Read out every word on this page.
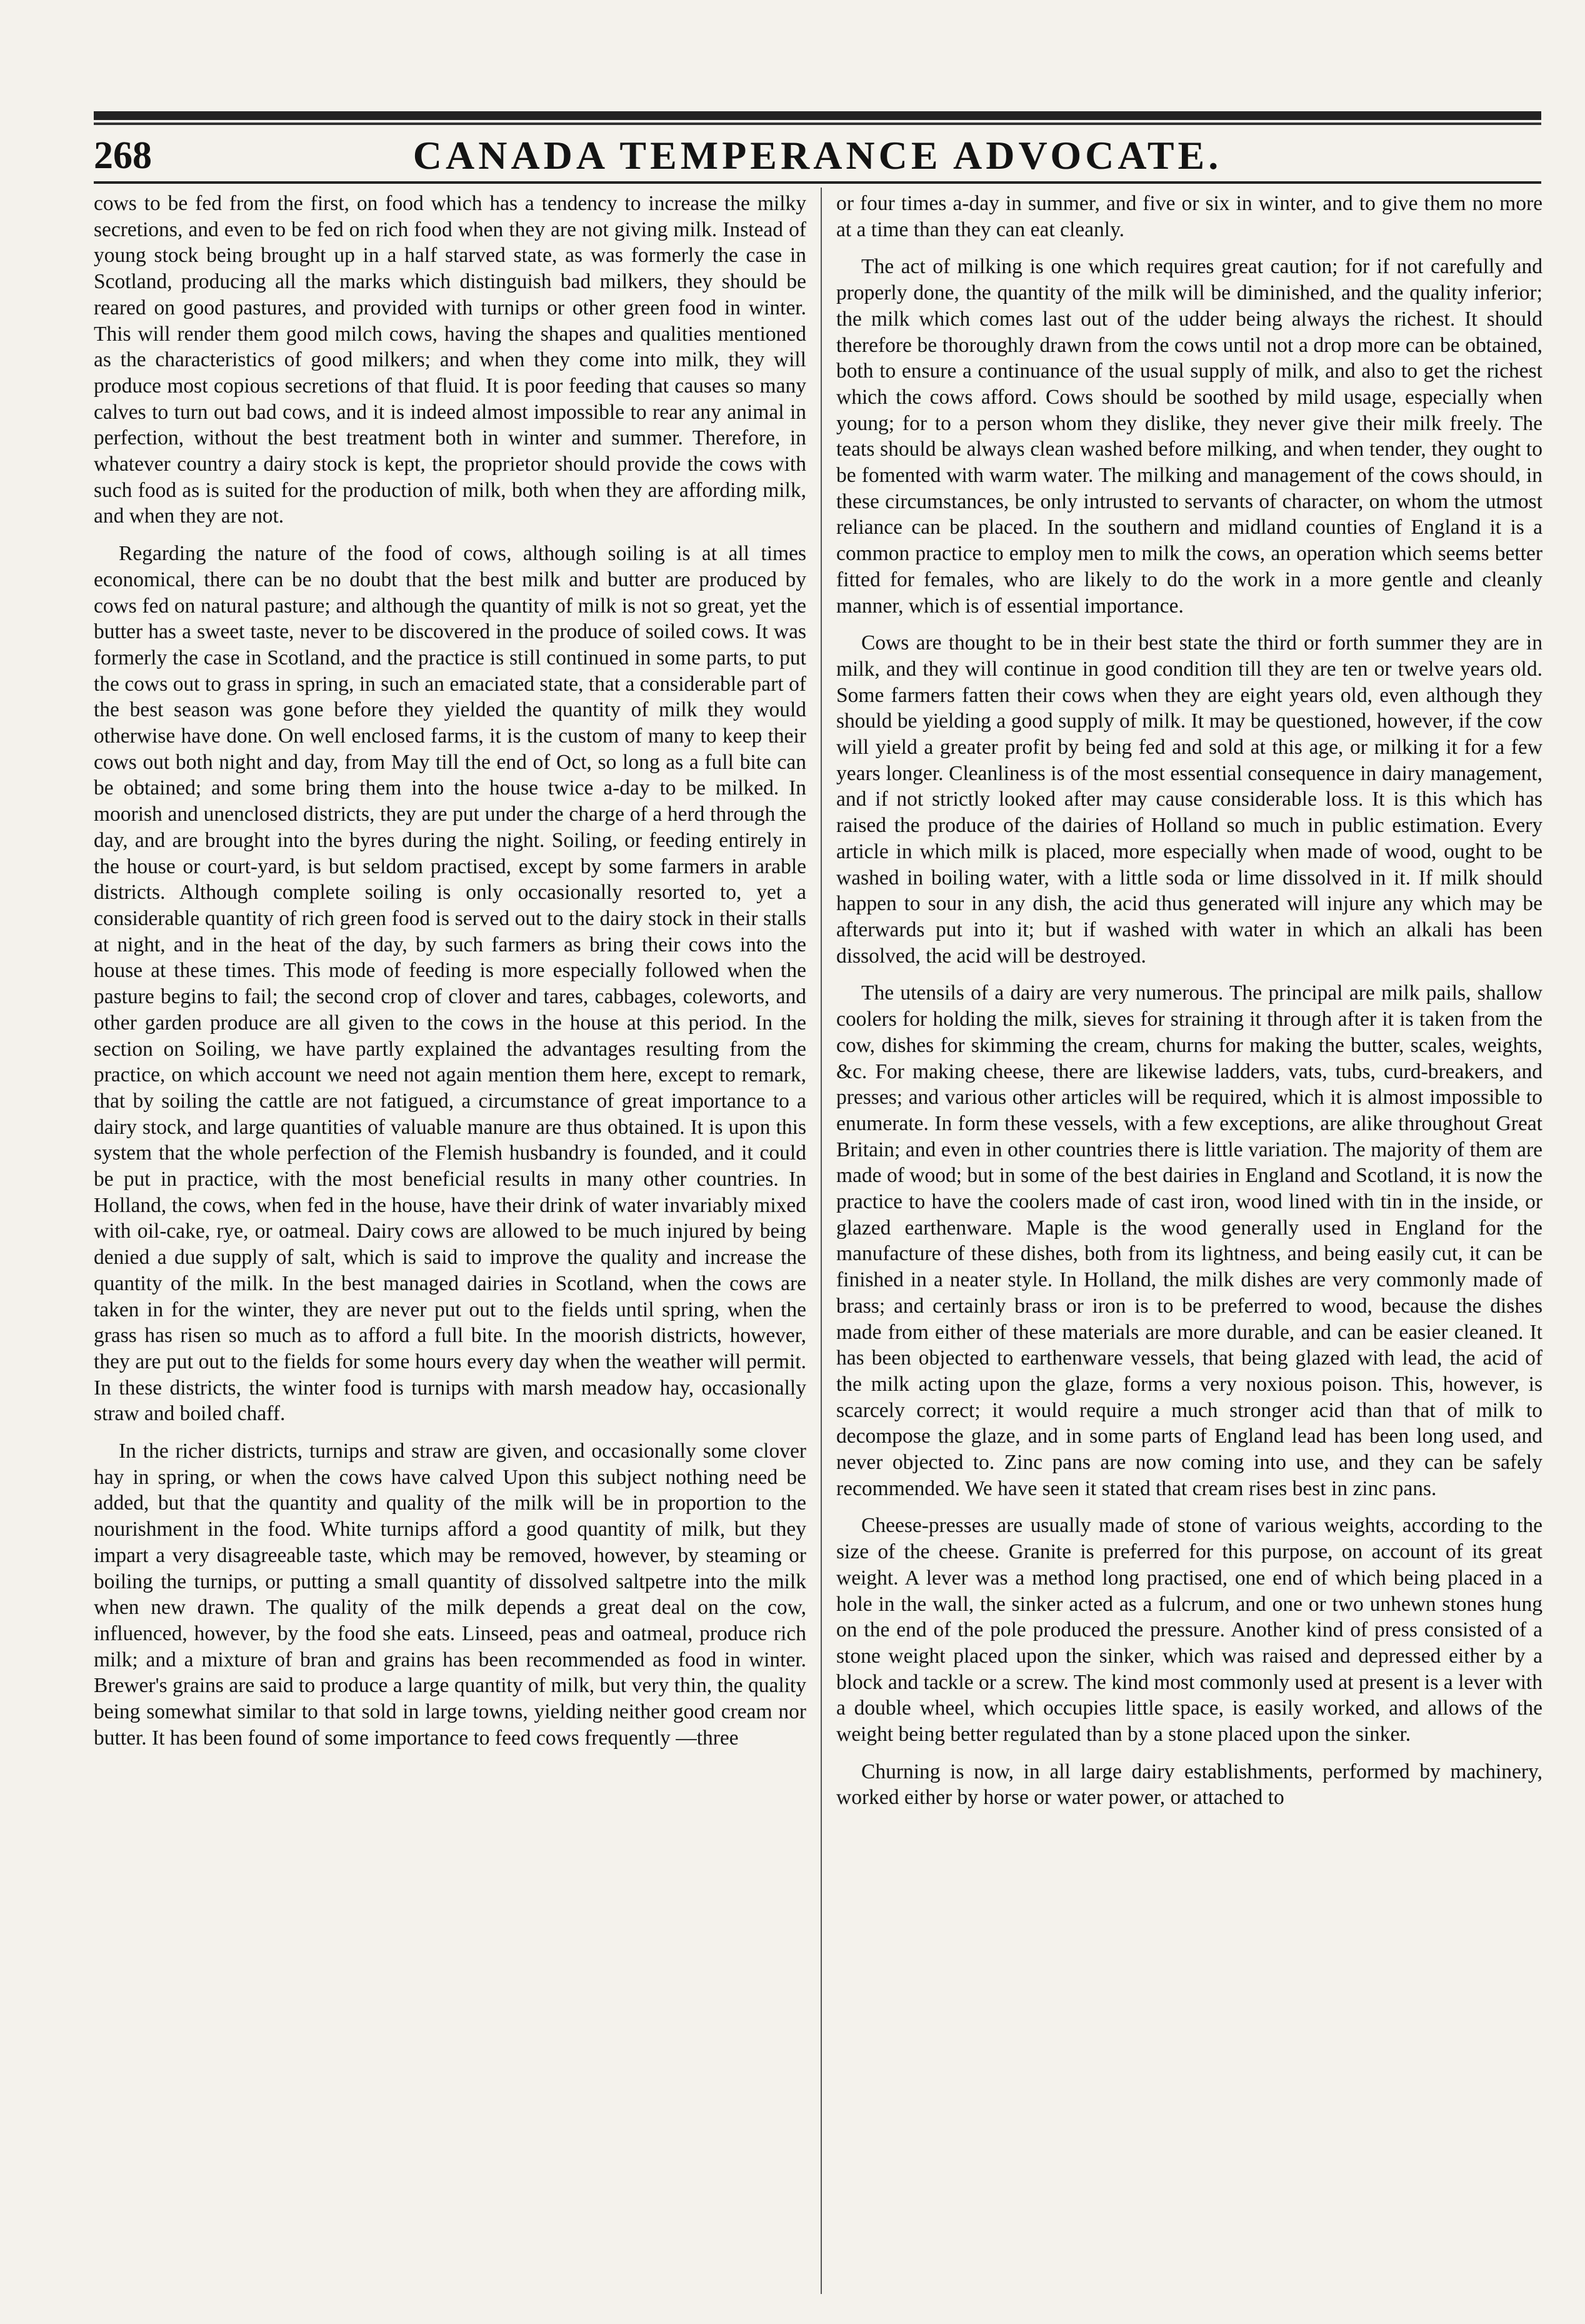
268	CANADA TEMPERANCE ADVOCATE.

cows to be fed from the first, on food which has a tendency to increase the milky secretions, and even to be fed on rich food when they are not giving milk. Instead of young stock being brought up in a half starved state, as was formerly the case in Scotland, producing all the marks which distinguish bad milkers, they should be reared on good pastures, and provided with turnips or other green food in winter. This will render them good milch cows, having the shapes and qualities mentioned as the characteristics of good milkers; and when they come into milk, they will produce most copious secretions of that fluid. It is poor feeding that causes so many calves to turn out bad cows, and it is indeed almost impossible to rear any animal in perfection, without the best treatment both in winter and summer. Therefore, in whatever country a dairy stock is kept, the proprietor should provide the cows with such food as is suited for the production of milk, both when they are affording milk, and when they are not.

Regarding the nature of the food of cows, although soiling is at all times economical, there can be no doubt that the best milk and butter are produced by cows fed on natural pasture; and although the quantity of milk is not so great, yet the butter has a sweet taste, never to be discovered in the produce of soiled cows. It was formerly the case in Scotland, and the practice is still continued in some parts, to put the cows out to grass in spring, in such an emaciated state, that a considerable part of the best season was gone before they yielded the quantity of milk they would otherwise have done. On well enclosed farms, it is the custom of many to keep their cows out both night and day, from May till the end of Oct, so long as a full bite can be obtained; and some bring them into the house twice a-day to be milked. In moorish and unenclosed districts, they are put under the charge of a herd through the day, and are brought into the byres during the night. Soiling, or feeding entirely in the house or court-yard, is but seldom practised, except by some farmers in arable districts. Although complete soiling is only occasionally resorted to, yet a considerable quantity of rich green food is served out to the dairy stock in their stalls at night, and in the heat of the day, by such farmers as bring their cows into the house at these times. This mode of feeding is more especially followed when the pasture begins to fail; the second crop of clover and tares, cabbages, coleworts, and other garden produce are all given to the cows in the house at this period. In the section on Soiling, we have partly explained the advantages resulting from the practice, on which account we need not again mention them here, except to remark, that by soiling the cattle are not fatigued, a circumstance of great importance to a dairy stock, and large quantities of valuable manure are thus obtained. It is upon this system that the whole perfection of the Flemish husbandry is founded, and it could be put in practice, with the most beneficial results in many other countries. In Holland, the cows, when fed in the house, have their drink of water invariably mixed with oil-cake, rye, or oatmeal. Dairy cows are allowed to be much injured by being denied a due supply of salt, which is said to improve the quality and increase the quantity of the milk. In the best managed dairies in Scotland, when the cows are taken in for the winter, they are never put out to the fields until spring, when the grass has risen so much as to afford a full bite. In the moorish districts, however, they are put out to the fields for some hours every day when the weather will permit. In these districts, the winter food is turnips with marsh meadow hay, occasionally straw and boiled chaff.

In the richer districts, turnips and straw are given, and occasionally some clover hay in spring, or when the cows have calved Upon this subject nothing need be added, but that the quantity and quality of the milk will be in proportion to the nourishment in the food. White turnips afford a good quantity of milk, but they impart a very disagreeable taste, which may be removed, however, by steaming or boiling the turnips, or putting a small quantity of dissolved saltpetre into the milk when new drawn. The quality of the milk depends a great deal on the cow, influenced, however, by the food she eats. Linseed, peas and oatmeal, produce rich milk; and a mixture of bran and grains has been recommended as food in winter. Brewer's grains are said to produce a large quantity of milk, but very thin, the quality being somewhat similar to that sold in large towns, yielding neither good cream nor butter. It has been found of some importance to feed cows frequently —three

or four times a-day in summer, and five or six in winter, and to give them no more at a time than they can eat cleanly.

The act of milking is one which requires great caution; for if not carefully and properly done, the quantity of the milk will be diminished, and the quality inferior; the milk which comes last out of the udder being always the richest. It should therefore be thoroughly drawn from the cows until not a drop more can be obtained, both to ensure a continuance of the usual supply of milk, and also to get the richest which the cows afford. Cows should be soothed by mild usage, especially when young; for to a person whom they dislike, they never give their milk freely. The teats should be always clean washed before milking, and when tender, they ought to be fomented with warm water. The milking and management of the cows should, in these circumstances, be only intrusted to servants of character, on whom the utmost reliance can be placed. In the southern and midland counties of England it is a common practice to employ men to milk the cows, an operation which seems better fitted for females, who are likely to do the work in a more gentle and cleanly manner, which is of essential importance.

Cows are thought to be in their best state the third or forth summer they are in milk, and they will continue in good condition till they are ten or twelve years old. Some farmers fatten their cows when they are eight years old, even although they should be yielding a good supply of milk. It may be questioned, however, if the cow will yield a greater profit by being fed and sold at this age, or milking it for a few years longer. Cleanliness is of the most essential consequence in dairy management, and if not strictly looked after may cause considerable loss. It is this which has raised the produce of the dairies of Holland so much in public estimation. Every article in which milk is placed, more especially when made of wood, ought to be washed in boiling water, with a little soda or lime dissolved in it. If milk should happen to sour in any dish, the acid thus generated will injure any which may be afterwards put into it; but if washed with water in which an alkali has been dissolved, the acid will be destroyed.

The utensils of a dairy are very numerous. The principal are milk pails, shallow coolers for holding the milk, sieves for straining it through after it is taken from the cow, dishes for skimming the cream, churns for making the butter, scales, weights, &c. For making cheese, there are likewise ladders, vats, tubs, curd-breakers, and presses; and various other articles will be required, which it is almost impossible to enumerate. In form these vessels, with a few exceptions, are alike throughout Great Britain; and even in other countries there is little variation. The majority of them are made of wood; but in some of the best dairies in England and Scotland, it is now the practice to have the coolers made of cast iron, wood lined with tin in the inside, or glazed earthenware. Maple is the wood generally used in England for the manufacture of these dishes, both from its lightness, and being easily cut, it can be finished in a neater style. In Holland, the milk dishes are very commonly made of brass; and certainly brass or iron is to be preferred to wood, because the dishes made from either of these materials are more durable, and can be easier cleaned. It has been objected to earthenware vessels, that being glazed with lead, the acid of the milk acting upon the glaze, forms a very noxious poison. This, however, is scarcely correct; it would require a much stronger acid than that of milk to decompose the glaze, and in some parts of England lead has been long used, and never objected to. Zinc pans are now coming into use, and they can be safely recommended. We have seen it stated that cream rises best in zinc pans.

Cheese-presses are usually made of stone of various weights, according to the size of the cheese. Granite is preferred for this purpose, on account of its great weight. A lever was a method long practised, one end of which being placed in a hole in the wall, the sinker acted as a fulcrum, and one or two unhewn stones hung on the end of the pole produced the pressure. Another kind of press consisted of a stone weight placed upon the sinker, which was raised and depressed either by a block and tackle or a screw. The kind most commonly used at present is a lever with a double wheel, which occupies little space, is easily worked, and allows of the weight being better regulated than by a stone placed upon the sinker.

Churning is now, in all large dairy establishments, performed by machinery, worked either by horse or water power, or attached to
